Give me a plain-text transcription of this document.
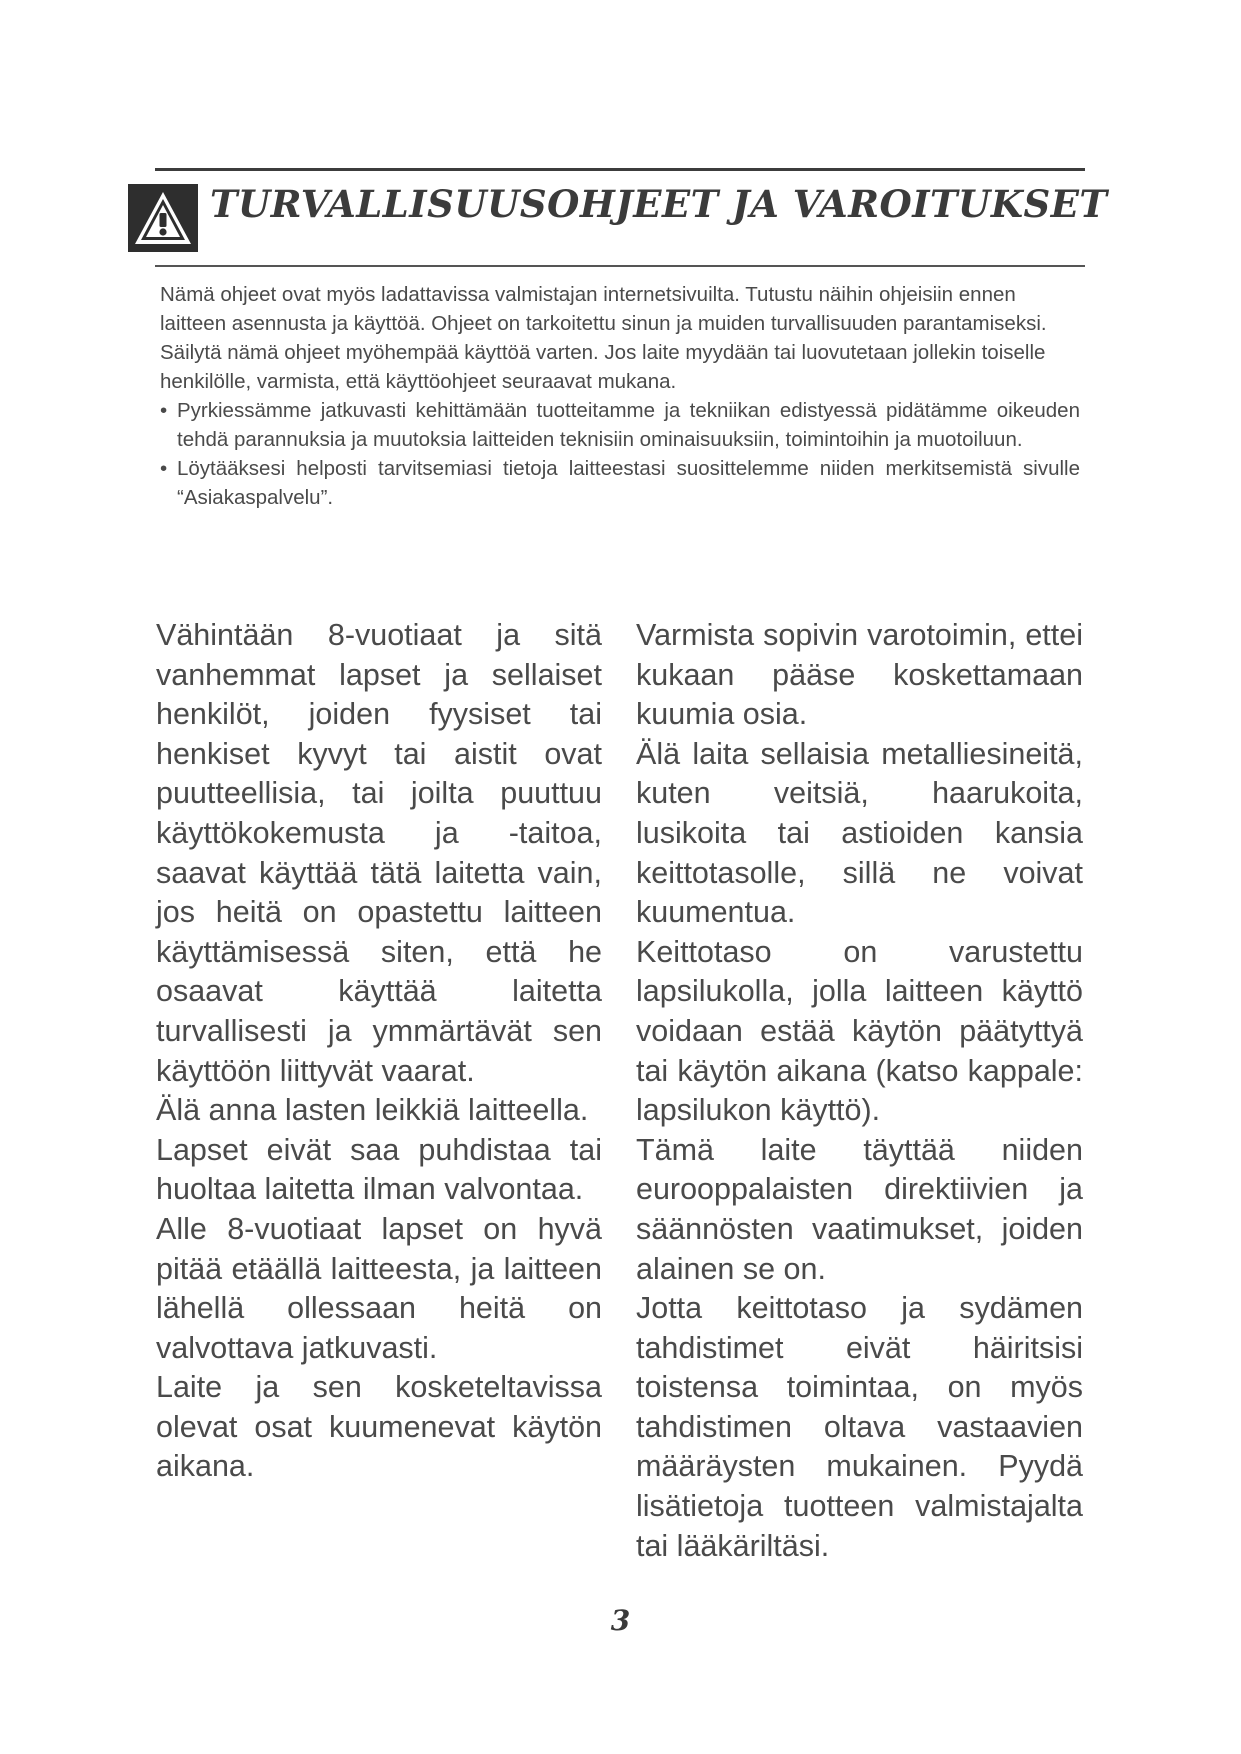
TURVALLISUUSOHJEET JA VAROITUKSET

Nämä ohjeet ovat myös ladattavissa valmistajan internetsivuilta. Tutustu näihin ohjeisiin ennen laitteen asennusta ja käyttöä. Ohjeet on tarkoitettu sinun ja muiden turvallisuuden parantamiseksi. Säilytä nämä ohjeet myöhempää käyttöä varten. Jos laite myydään tai luovutetaan jollekin toiselle henkilölle, varmista, että käyttöohjeet seuraavat mukana.

• Pyrkiessämme jatkuvasti kehittämään tuotteitamme ja tekniikan edistyessä pidätämme oikeuden tehdä parannuksia ja muutoksia laitteiden teknisiin ominaisuuksiin, toimintoihin ja muotoiluun.
• Löytääksesi helposti tarvitsemiasi tietoja laitteestasi suosittelemme niiden merkitsemistä sivulle “Asiakaspalvelu”.

Vähintään 8-vuotiaat ja sitä vanhemmat lapset ja sellaiset henkilöt, joiden fyysiset tai henkiset kyvyt tai aistit ovat puutteellisia, tai joilta puuttuu käyttökokemusta ja -taitoa, saavat käyttää tätä laitetta vain, jos heitä on opastettu laitteen käyttämisessä siten, että he osaavat käyttää laitetta turvallisesti ja ymmärtävät sen käyttöön liittyvät vaarat.

Älä anna lasten leikkiä laitteella.

Lapset eivät saa puhdistaa tai huoltaa laitetta ilman valvontaa.

Alle 8-vuotiaat lapset on hyvä pitää etäällä laitteesta, ja laitteen lähellä ollessaan heitä on valvottava jatkuvasti.

Laite ja sen kosketeltavissa olevat osat kuumenevat käytön aikana.

Varmista sopivin varotoimin, ettei kukaan pääse koskettamaan kuumia osia.

Älä laita sellaisia metalliesineitä, kuten veitsiä, haarukoita, lusikoita tai astioiden kansia keittotasolle, sillä ne voivat kuumentua.

Keittotaso on varustettu lapsilukolla, jolla laitteen käyttö voidaan estää käytön päätyttyä tai käytön aikana (katso kappale: lapsilukon käyttö).

Tämä laite täyttää niiden eurooppalaisten direktiivien ja säännösten vaatimukset, joiden alainen se on.

Jotta keittotaso ja sydämen tahdistimet eivät häiritsisi toistensa toimintaa, on myös tahdistimen oltava vastaavien määräysten mukainen. Pyydä lisätietoja tuotteen valmistajalta tai lääkäriltäsi.

3
